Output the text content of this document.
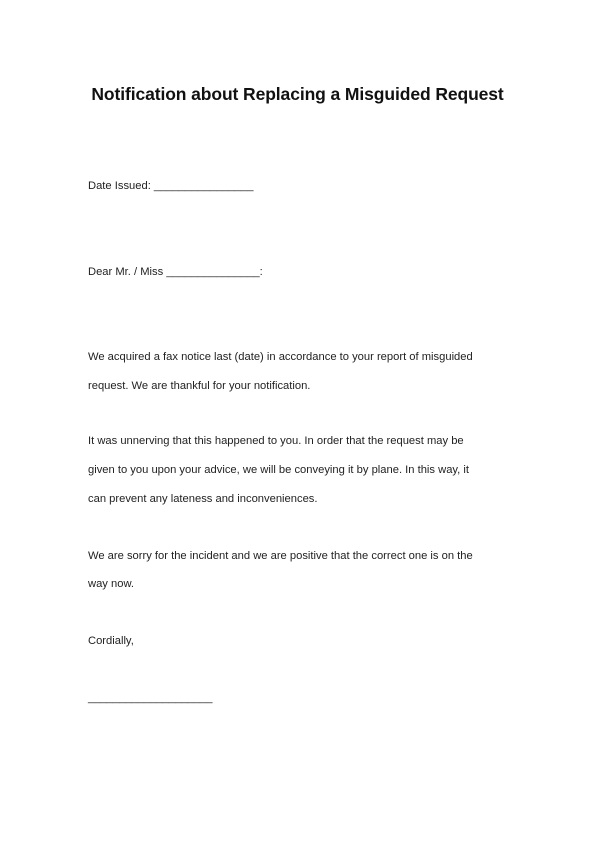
Notification about Replacing a Misguided Request
Date Issued: ________________
Dear Mr. / Miss _______________:
We acquired a fax notice last (date) in accordance to your report of misguided
request. We are thankful for your notification.
It was unnerving that this happened to you. In order that the request may be
given to you upon your advice, we will be conveying it by plane. In this way, it
can prevent any lateness and inconveniences.
We are sorry for the incident and we are positive that the correct one is on the
way now.
Cordially,
____________________
